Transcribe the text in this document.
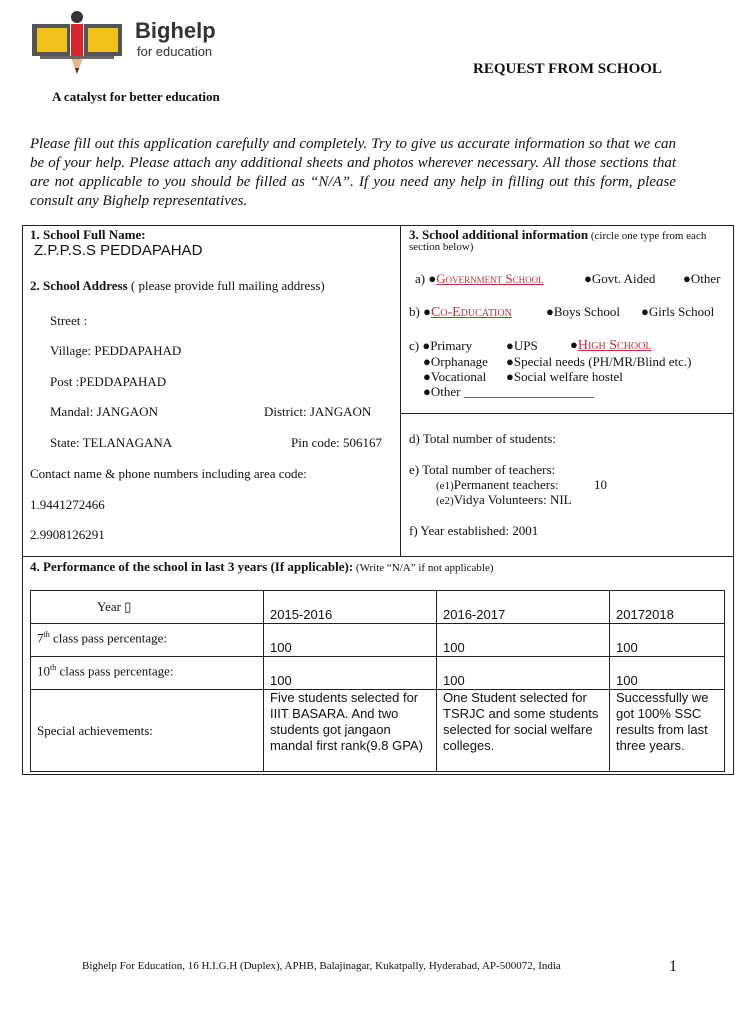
Bighelp
for education
A catalyst for better education
REQUEST FROM SCHOOL
Please fill out this application carefully and completely. Try to give us accurate information so that we can be of your help. Please attach any additional sheets and photos wherever necessary. All those sections that are not applicable to you should be filled as “N/A”. If you need any help in filling out this form, please consult any Bighelp representatives.
1. School Full Name:
Z.P.P.S.S PEDDAPAHAD
2. School Address ( please provide full mailing address)
Street :
Village: PEDDAPAHAD
Post :PEDDAPAHAD
Mandal: JANGAON	District: JANGAON
State: TELANAGANA	Pin code: 506167
Contact name & phone numbers including area code:
1.9441272466
2.9908126291
3. School additional information (circle one type from each
section below)
a) ●Government School	●Govt. Aided ●Other
b) ●Co-Education	●Boys School ●Girls School
c) ●Primary	●UPS ●High School
●Orphanage ●Special needs (PH/MR/Blind etc.)
●Vocational ●Social welfare hostel
●Other ____________________
d) Total number of students:
e) Total number of teachers:
(e1)Permanent teachers:	10
(e2)Vidya Volunteers: NIL
f) Year established: 2001
4. Performance of the school in last 3 years (If applicable): (Write “N/A” if not applicable)
Year ▯	2015-2016	2016-2017	20172018
7th class pass percentage:	100	100	100
10th class pass percentage:	100	100	100
Special achievements:	Five students selected for IIIT BASARA. And two students got jangaon mandal first rank(9.8 GPA)	One Student selected for TSRJC and some students selected for social welfare colleges.	Successfully we got 100% SSC results from last three years.
Bighelp For Education, 16 H.I.G.H (Duplex), APHB, Balajinagar, Kukatpally, Hyderabad, AP-500072, India	1
